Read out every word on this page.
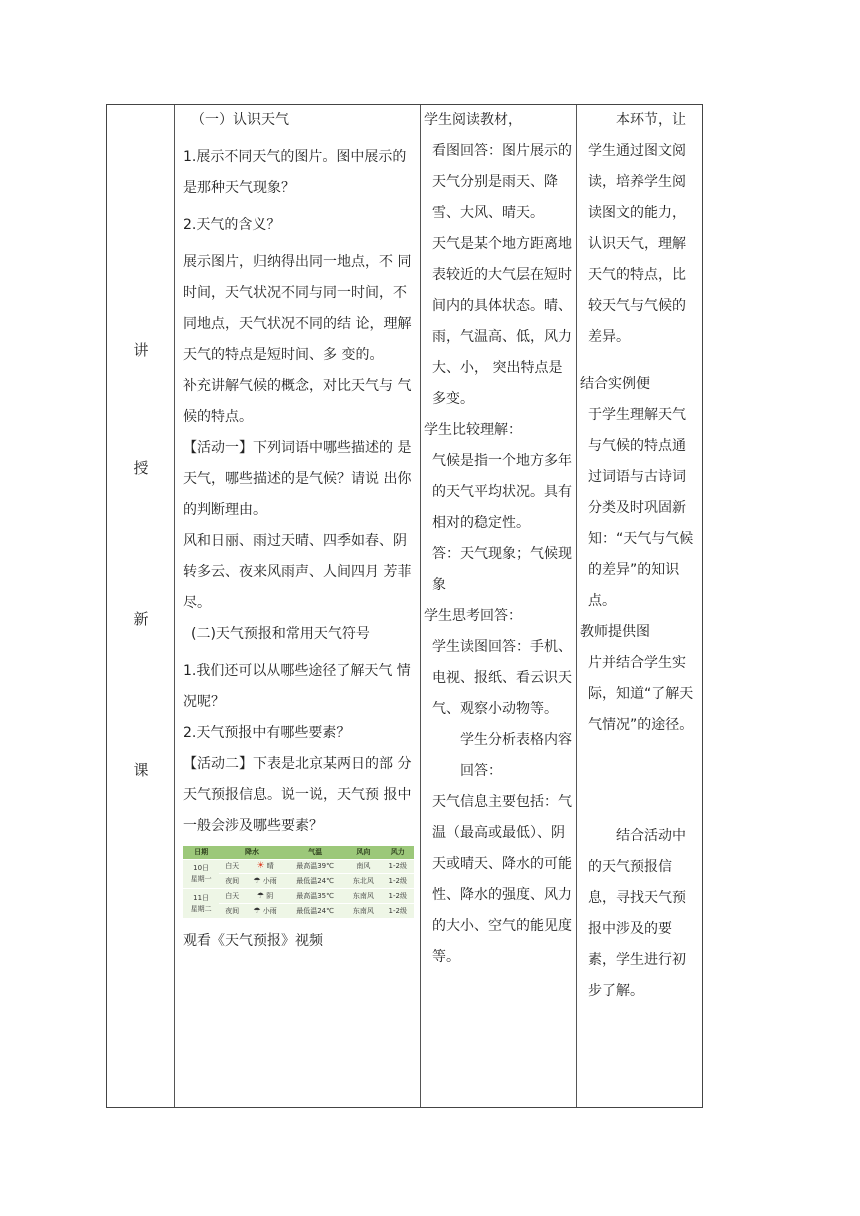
讲
授
新
课

（一）认识天气

1.展示不同天气的图片。图中展示的是那种天气现象？

2.天气的含义？

展示图片，归纳得出同一地点，不 同时间，天气状况不同与同一时间，不同地点，天气状况不同的结 论，理解天气的特点是短时间、多 变的。

补充讲解气候的概念，对比天气与 气候的特点。

【活动一】下列词语中哪些描述的 是天气，哪些描述的是气候？请说 出你的判断理由。

风和日丽、雨过天晴、四季如春、阴转多云、夜来风雨声、人间四月 芳菲尽。

(二)天气预报和常用天气符号

1.我们还可以从哪些途径了解天气 情况呢？

2.天气预报中有哪些要素？

【活动二】下表是北京某两日的部 分天气预报信息。说一说，天气预 报中一般会涉及哪些要素？

日期	降水		气温	风向	风力
10日
星期一	白天	☀ 晴	最高温39℃	南风	1-2级
	夜间	☂ 小雨	最低温24℃	东北风	1-2级
11日
星期二	白天	☂ 阴	最高温35℃	东南风	1-2级
	夜间	☂ 小雨	最低温24℃	东南风	1-2级

观看《天气预报》视频

学生阅读教材，

看图回答：图片展示的天气分别是雨天、降雪、大风、晴天。

天气是某个地方距离地表较近的大气层在短时间内的具体状态。晴、雨，气温高、低，风力大、小， 突出特点是多变。

学生比较理解：

气候是指一个地方多年的天气平均状况。具有相对的稳定性。

答：天气现象；气候现象

学生思考回答：

学生读图回答：手机、电视、报纸、看云识天气、观察小动物等。

学生分析表格内容回答：

天气信息主要包括：气温（最高或最低）、阴天或晴天、降水的可能性、降水的强度、风力的大小、空气的能见度等。

本环节，让学生通过图文阅读，培养学生阅读图文的能力，认识天气，理解天气的特点，比较天气与气候的差异。

结合实例便

于学生理解天气与气候的特点通过词语与古诗词分类及时巩固新知：“天气与气候的差异”的知识点。

教师提供图

片并结合学生实际，知道“了解天气情况”的途径。

结合活动中的天气预报信息，寻找天气预报中涉及的要素，学生进行初步了解。
